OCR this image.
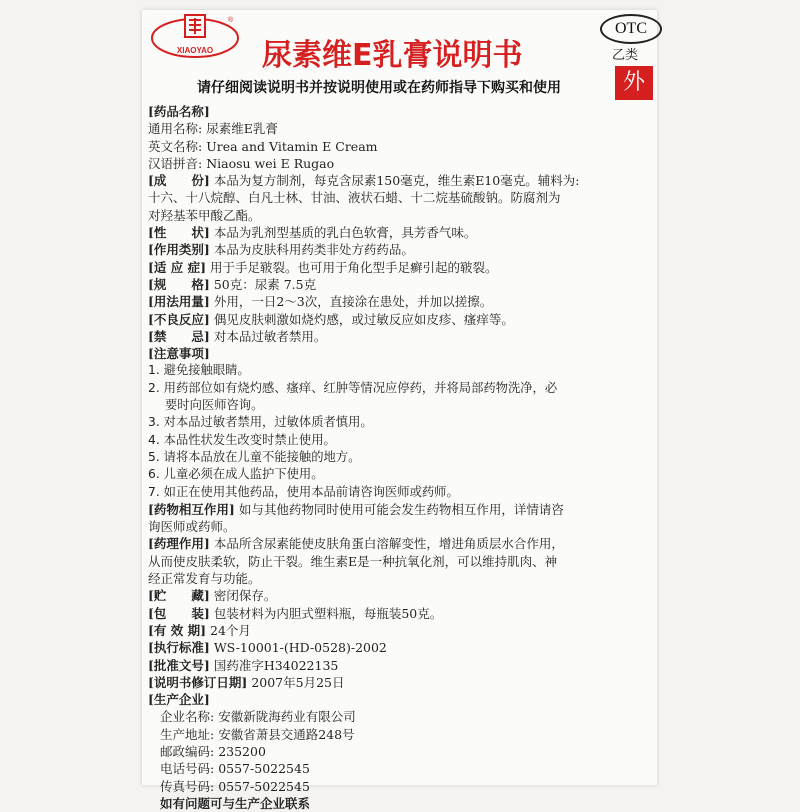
XIAOYAO
®
尿素维E乳膏说明书
OTC
乙类
请仔细阅读说明书并按说明使用或在药师指导下购买和使用	外
[药品名称]
通用名称: 尿素维E乳膏
英文名称: Urea and Vitamin E Cream
汉语拼音: Niaosu wei E Rugao
[成　　份] 本品为复方制剂，每克含尿素150毫克，维生素E10毫克。辅料为:
十六、十八烷醇、白凡士林、甘油、液状石蜡、十二烷基硫酸钠。防腐剂为
对羟基苯甲酸乙酯。
[性　　状] 本品为乳剂型基质的乳白色软膏，具芳香气味。
[作用类别] 本品为皮肤科用药类非处方药药品。
[适 应 症] 用于手足皲裂。也可用于角化型手足癣引起的皲裂。
[规　　格] 50克：尿素 7.5克
[用法用量] 外用，一日2～3次，直接涂在患处，并加以搓擦。
[不良反应] 偶见皮肤刺激如烧灼感，或过敏反应如皮疹、瘙痒等。
[禁　　忌] 对本品过敏者禁用。
[注意事项]
1. 避免接触眼睛。
2. 用药部位如有烧灼感、瘙痒、红肿等情况应停药，并将局部药物洗净，必
要时向医师咨询。
3. 对本品过敏者禁用，过敏体质者慎用。
4. 本品性状发生改变时禁止使用。
5. 请将本品放在儿童不能接触的地方。
6. 儿童必须在成人监护下使用。
7. 如正在使用其他药品，使用本品前请咨询医师或药师。
[药物相互作用] 如与其他药物同时使用可能会发生药物相互作用，详情请咨
询医师或药师。
[药理作用] 本品所含尿素能使皮肤角蛋白溶解变性，增进角质层水合作用，
从而使皮肤柔软，防止干裂。维生素E是一种抗氧化剂，可以维持肌肉、神
经正常发育与功能。
[贮　　藏] 密闭保存。
[包　　装] 包装材料为内胆式塑料瓶，每瓶装50克。
[有 效 期] 24个月
[执行标准] WS-10001-(HD-0528)-2002
[批准文号] 国药准字H34022135
[说明书修订日期] 2007年5月25日
[生产企业]
企业名称: 安徽新陇海药业有限公司
生产地址: 安徽省萧县交通路248号
邮政编码: 235200
电话号码: 0557-5022545
传真号码: 0557-5022545
如有问题可与生产企业联系
